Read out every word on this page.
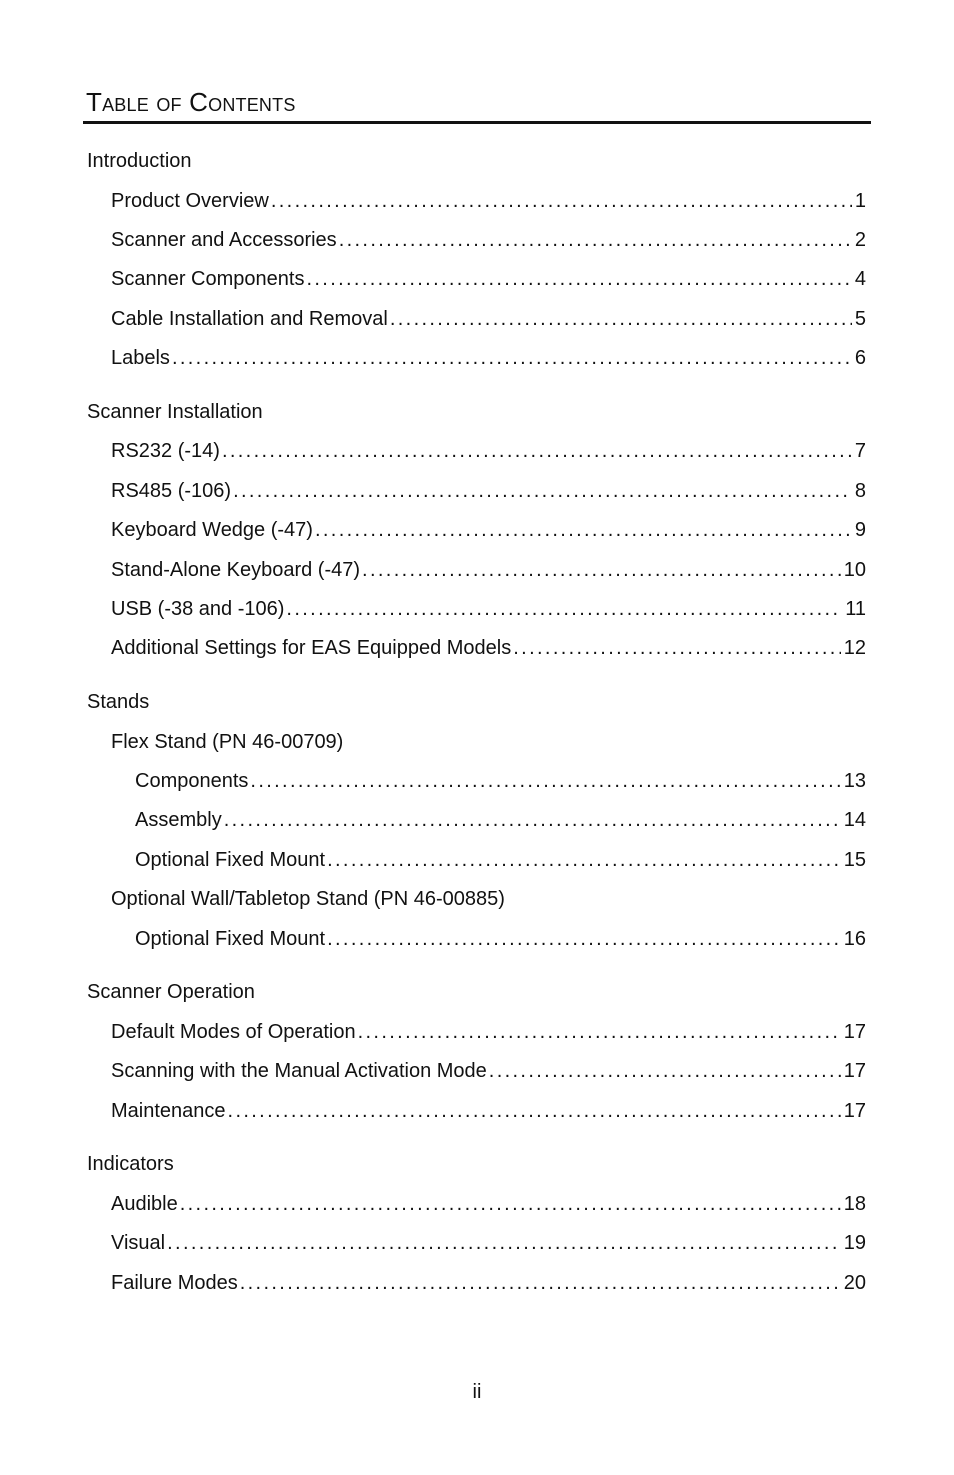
Table of Contents
Introduction
Product Overview . . .	1
Scanner and Accessories . . .	2
Scanner Components . . .	4
Cable Installation and Removal . . .	5
Labels . . .	6
Scanner Installation
RS232 (-14) . . .	7
RS485 (-106) . . .	8
Keyboard Wedge (-47) . . .	9
Stand-Alone Keyboard (-47) . . .	10
USB (-38 and -106) . . .	11
Additional Settings for EAS Equipped Models . . .	12
Stands
Flex Stand (PN 46-00709)
Components . . .	13
Assembly . . .	14
Optional Fixed Mount . . .	15
Optional Wall/Tabletop Stand (PN 46-00885)
Optional Fixed Mount . . .	16
Scanner Operation
Default Modes of Operation . . .	17
Scanning with the Manual Activation Mode . . .	17
Maintenance . . .	17
Indicators
Audible . . .	18
Visual . . .	19
Failure Modes . . .	20
ii
